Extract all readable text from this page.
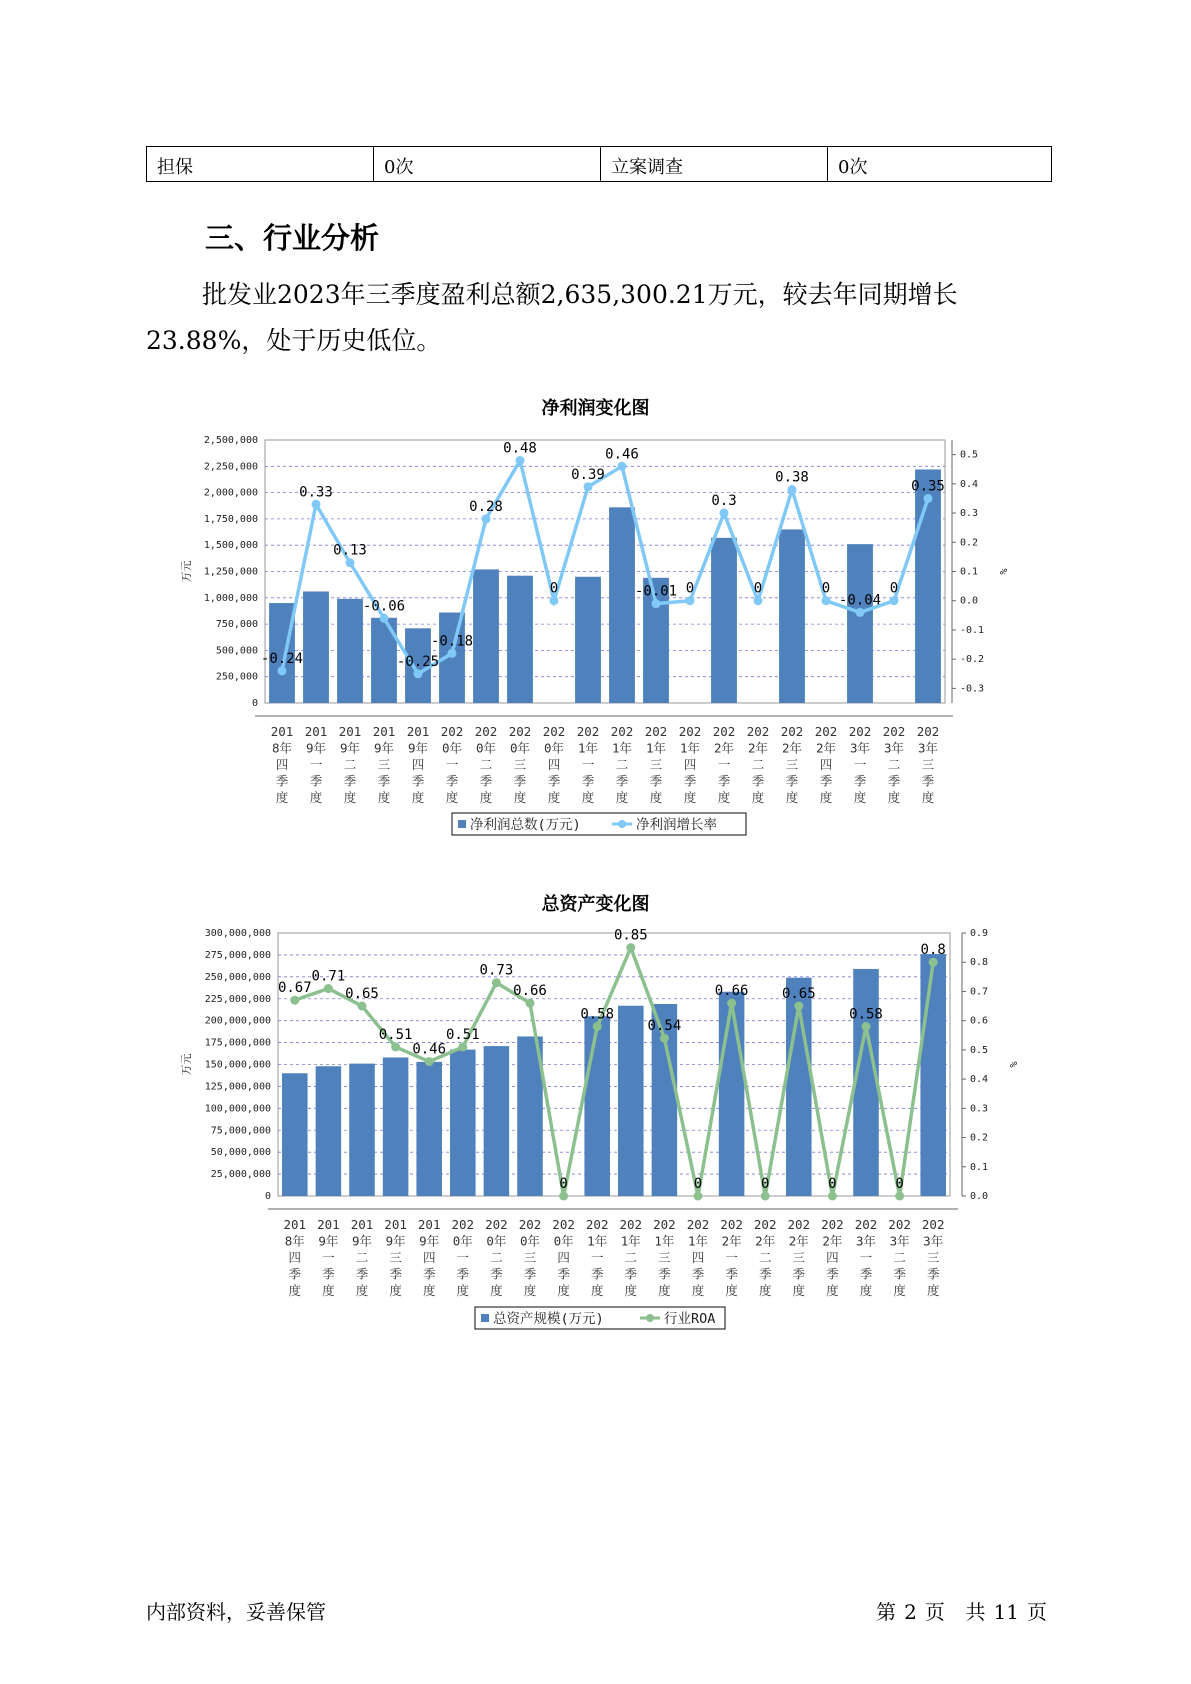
担保	0次	立案调查	0次
三、行业分析

批发业2023年三季度盈利总额2,635,300.21万元，较去年同期增长23.88%，处于历史低位。

净利润变化图
2,500,000
2,250,000
2,000,000
1,750,000
1,500,000
1,250,000
1,000,000
750,000
500,000
250,000
0
0.5
0.4
0.3
0.2
0.1
0.0
-0.1
-0.2
-0.3
万元	%
-0.24
0.33
0.13
-0.06
-0.25
-0.18
0.28
0.48
0
0.39
0.46
-0.01 0
0.3
0
0.38
0
-0.04
0
0.35
201
8年
四
季
度
201
9年
一
季
度
201
9年
二
季
度
201
9年
三
季
度
201
9年
四
季
度
202
0年
一
季
度
202
0年
二
季
度
202
0年
三
季
度
202
0年
四
季
度
202
1年
一
季
度
202
1年
二
季
度
202
1年
三
季
度
202
1年
四
季
度
202
2年
一
季
度
202
2年
二
季
度
202
2年
三
季
度
202
2年
四
季
度
202
3年
一
季
度
202
3年
二
季
度
202
3年
三
季
度
净利润总数(万元)	净利润增长率
总资产变化图
300,000,000
275,000,000
250,000,000
225,000,000
200,000,000
175,000,000
150,000,000
125,000,000
100,000,000
75,000,000
50,000,000
25,000,000
0
0.9
0.8
0.7
0.6
0.5
0.4
0.3
0.2
0.1
0.0
万元	%
0.67
0.71
0.65
0.51
0.46
0.51
0.73
0.66
0
0.58
0.85
0.54
0
0.66
0
0.65
0
0.58
0
0.8
201
8年
四
季
度
201
9年
一
季
度
201
9年
二
季
度
201
9年
三
季
度
201
9年
四
季
度
202
0年
一
季
度
202
0年
二
季
度
202
0年
三
季
度
202
0年
四
季
度
202
1年
一
季
度
202
1年
二
季
度
202
1年
三
季
度
202
1年
四
季
度
202
2年
一
季
度
202
2年
二
季
度
202
2年
三
季
度
202
2年
四
季
度
202
3年
一
季
度
202
3年
二
季
度
202
3年
三
季
度
总资产规模(万元)	行业ROA
内部资料，妥善保管	第 2 页 共 11 页
